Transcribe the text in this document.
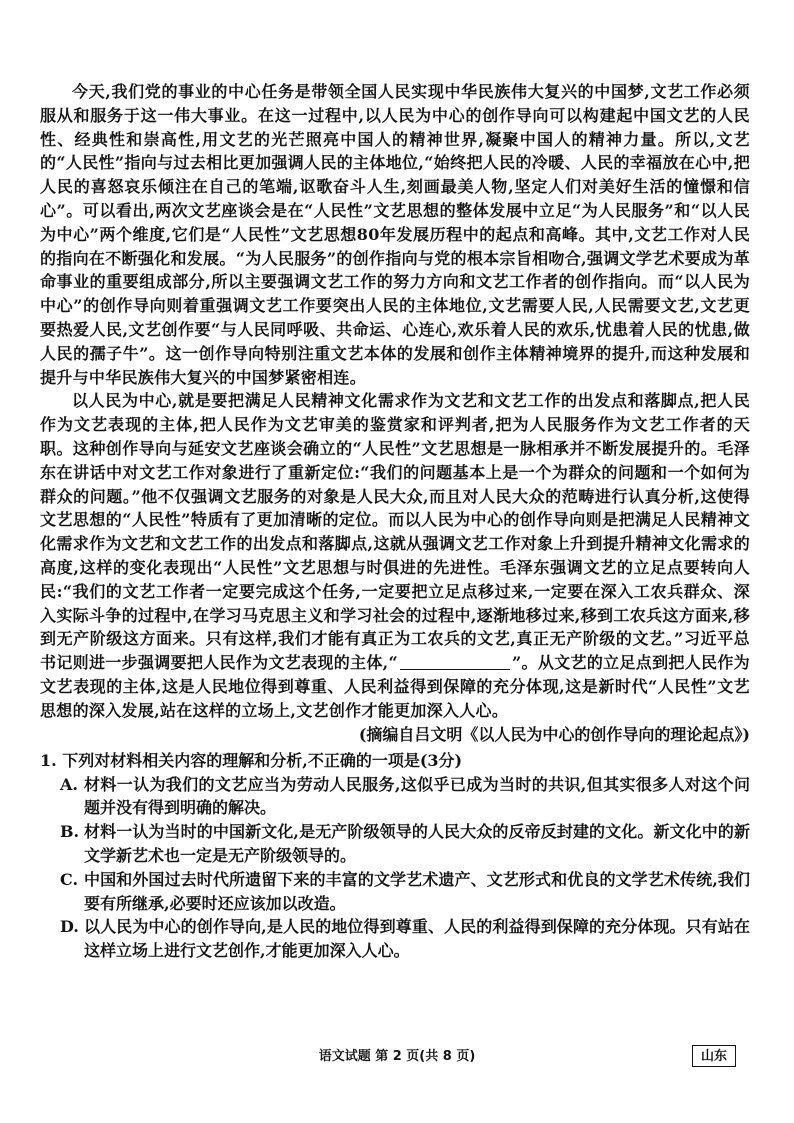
今天,我们党的事业的中心任务是带领全国人民实现中华民族伟大复兴的中国梦,文艺工作必须服从和服务于这一伟大事业。在这一过程中,以人民为中心的创作导向可以构建起中国文艺的人民性、经典性和崇高性,用文艺的光芒照亮中国人的精神世界,凝聚中国人的精神力量。所以,文艺的“人民性”指向与过去相比更加强调人民的主体地位,“始终把人民的冷暖、人民的幸福放在心中,把人民的喜怒哀乐倾注在自己的笔端,讴歌奋斗人生,刻画最美人物,坚定人们对美好生活的憧憬和信心”。可以看出,两次文艺座谈会是在“人民性”文艺思想的整体发展中立足“为人民服务”和“以人民为中心”两个维度,它们是“人民性”文艺思想80年发展历程中的起点和高峰。其中,文艺工作对人民的指向在不断强化和发展。“为人民服务”的创作指向与党的根本宗旨相吻合,强调文学艺术要成为革命事业的重要组成部分,所以主要强调文艺工作的努力方向和文艺工作者的创作指向。而“以人民为中心”的创作导向则着重强调文艺工作要突出人民的主体地位,文艺需要人民,人民需要文艺,文艺更要热爱人民,文艺创作要“与人民同呼吸、共命运、心连心,欢乐着人民的欢乐,忧患着人民的忧患,做人民的孺子牛”。这一创作导向特别注重文艺本体的发展和创作主体精神境界的提升,而这种发展和提升与中华民族伟大复兴的中国梦紧密相连。

以人民为中心,就是要把满足人民精神文化需求作为文艺和文艺工作的出发点和落脚点,把人民作为文艺表现的主体,把人民作为文艺审美的鉴赏家和评判者,把为人民服务作为文艺工作者的天职。这种创作导向与延安文艺座谈会确立的“人民性”文艺思想是一脉相承并不断发展提升的。毛泽东在讲话中对文艺工作对象进行了重新定位:“我们的问题基本上是一个为群众的问题和一个如何为群众的问题。”他不仅强调文艺服务的对象是人民大众,而且对人民大众的范畴进行认真分析,这使得文艺思想的“人民性”特质有了更加清晰的定位。而以人民为中心的创作导向则是把满足人民精神文化需求作为文艺和文艺工作的出发点和落脚点,这就从强调文艺工作对象上升到提升精神文化需求的高度,这样的变化表现出“人民性”文艺思想与时俱进的先进性。毛泽东强调文艺的立足点要转向人民:“我们的文艺工作者一定要完成这个任务,一定要把立足点移过来,一定要在深入工农兵群众、深入实际斗争的过程中,在学习马克思主义和学习社会的过程中,逐渐地移过来,移到工农兵这方面来,移到无产阶级这方面来。只有这样,我们才能有真正为工农兵的文艺,真正无产阶级的文艺。”习近平总书记则进一步强调要把人民作为文艺表现的主体,“	”。从文艺的立足点到把人民作为文艺表现的主体,这是人民地位得到尊重、人民利益得到保障的充分体现,这是新时代“人民性”文艺思想的深入发展,站在这样的立场上,文艺创作才能更加深入人心。

(摘编自吕文明《以人民为中心的创作导向的理论起点》)

1. 下列对材料相关内容的理解和分析,不正确的一项是(3分)

A. 材料一认为我们的文艺应当为劳动人民服务,这似乎已成为当时的共识,但其实很多人对这个问题并没有得到明确的解决。
B. 材料一认为当时的中国新文化,是无产阶级领导的人民大众的反帝反封建的文化。新文化中的新文学新艺术也一定是无产阶级领导的。
C. 中国和外国过去时代所遗留下来的丰富的文学艺术遗产、文艺形式和优良的文学艺术传统,我们要有所继承,必要时还应该加以改造。
D. 以人民为中心的创作导向,是人民的地位得到尊重、人民的利益得到保障的充分体现。只有站在这样立场上进行文艺创作,才能更加深入人心。
语文试题 第 2 页(共 8 页)	山东
